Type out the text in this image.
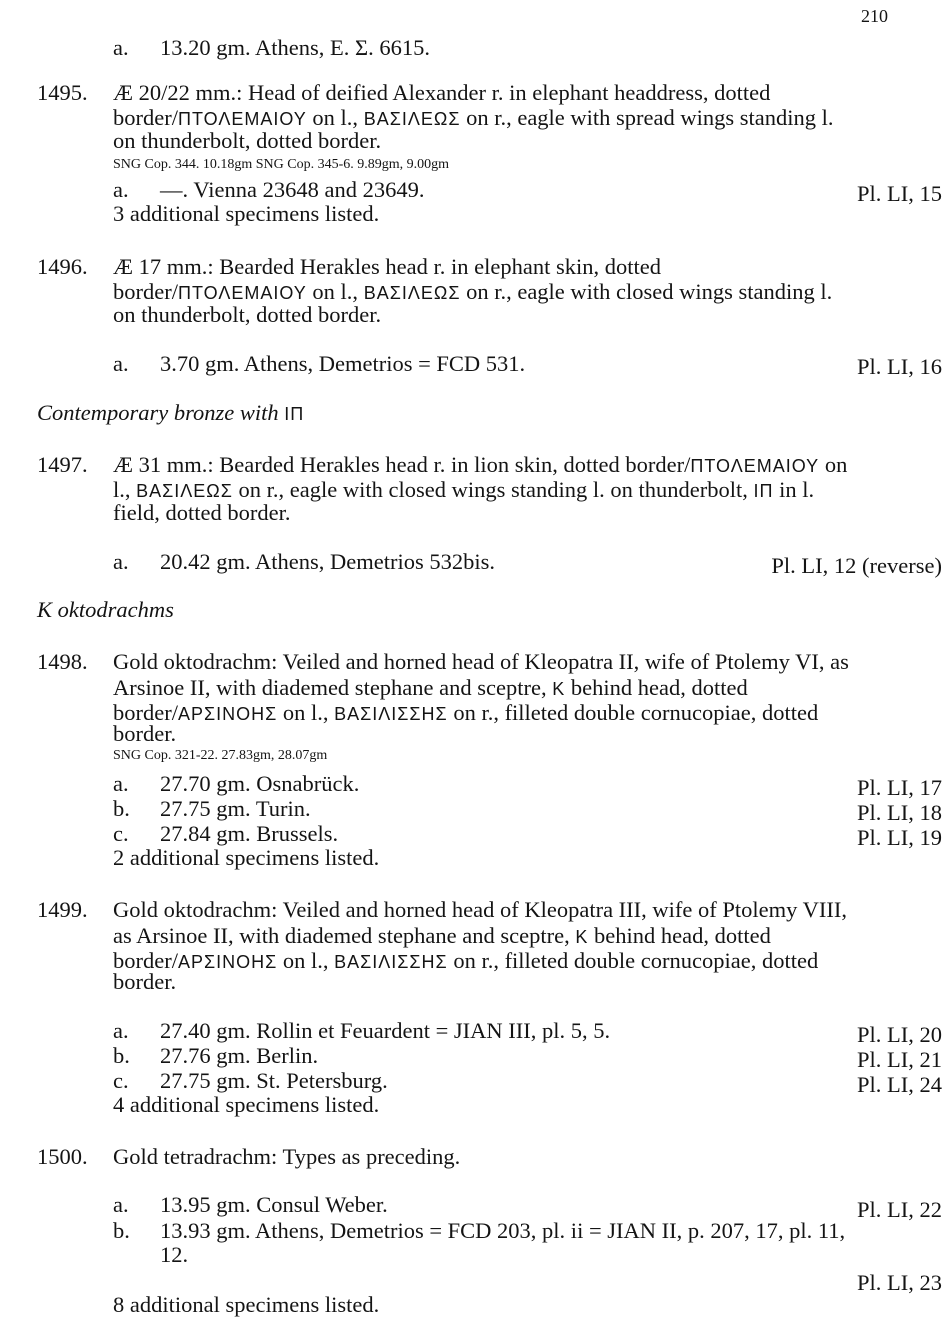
210
a. 13.20 gm. Athens, E. Σ. 6615.
1495. Æ 20/22 mm.: Head of deified Alexander r. in elephant headdress, dotted
border/ΠΤΟΛΕΜΑΙΟΥ on l., ΒΑΣΙΛΕΩΣ on r., eagle with spread wings standing l.
on thunderbolt, dotted border.
SNG Cop. 344. 10.18gm SNG Cop. 345-6. 9.89gm, 9.00gm
a. —. Vienna 23648 and 23649.	Pl. LI, 15
3 additional specimens listed.
1496. Æ 17 mm.: Bearded Herakles head r. in elephant skin, dotted
border/ΠΤΟΛΕΜΑΙΟΥ on l., ΒΑΣΙΛΕΩΣ on r., eagle with closed wings standing l.
on thunderbolt, dotted border.
a. 3.70 gm. Athens, Demetrios = FCD 531.	Pl. LI, 16
Contemporary bronze with ΙΠ
1497. Æ 31 mm.: Bearded Herakles head r. in lion skin, dotted border/ΠΤΟΛΕΜΑΙΟΥ on
l., ΒΑΣΙΛΕΩΣ on r., eagle with closed wings standing l. on thunderbolt, ΙΠ in l.
field, dotted border.
a. 20.42 gm. Athens, Demetrios 532bis.	Pl. LI, 12 (reverse)
K oktodrachms
1498. Gold oktodrachm: Veiled and horned head of Kleopatra II, wife of Ptolemy VI, as
Arsinoe II, with diademed stephane and sceptre, Κ behind head, dotted
border/ΑΡΣΙΝΟΗΣ on l., ΒΑΣΙΛΙΣΣΗΣ on r., filleted double cornucopiae, dotted
border.
SNG Cop. 321-22. 27.83gm, 28.07gm
a. 27.70 gm. Osnabrück.	Pl. LI, 17
b. 27.75 gm. Turin.	Pl. LI, 18
c. 27.84 gm. Brussels.	Pl. LI, 19
2 additional specimens listed.
1499. Gold oktodrachm: Veiled and horned head of Kleopatra III, wife of Ptolemy VIII,
as Arsinoe II, with diademed stephane and sceptre, Κ behind head, dotted
border/ΑΡΣΙΝΟΗΣ on l., ΒΑΣΙΛΙΣΣΗΣ on r., filleted double cornucopiae, dotted
border.
a. 27.40 gm. Rollin et Feuardent = JIAN III, pl. 5, 5.	Pl. LI, 20
b. 27.76 gm. Berlin.	Pl. LI, 21
c. 27.75 gm. St. Petersburg.	Pl. LI, 24
4 additional specimens listed.
1500. Gold tetradrachm: Types as preceding.
a. 13.95 gm. Consul Weber.	Pl. LI, 22
b. 13.93 gm. Athens, Demetrios = FCD 203, pl. ii = JIAN II, p. 207, 17, pl. 11,
12.
Pl. LI, 23
8 additional specimens listed.
